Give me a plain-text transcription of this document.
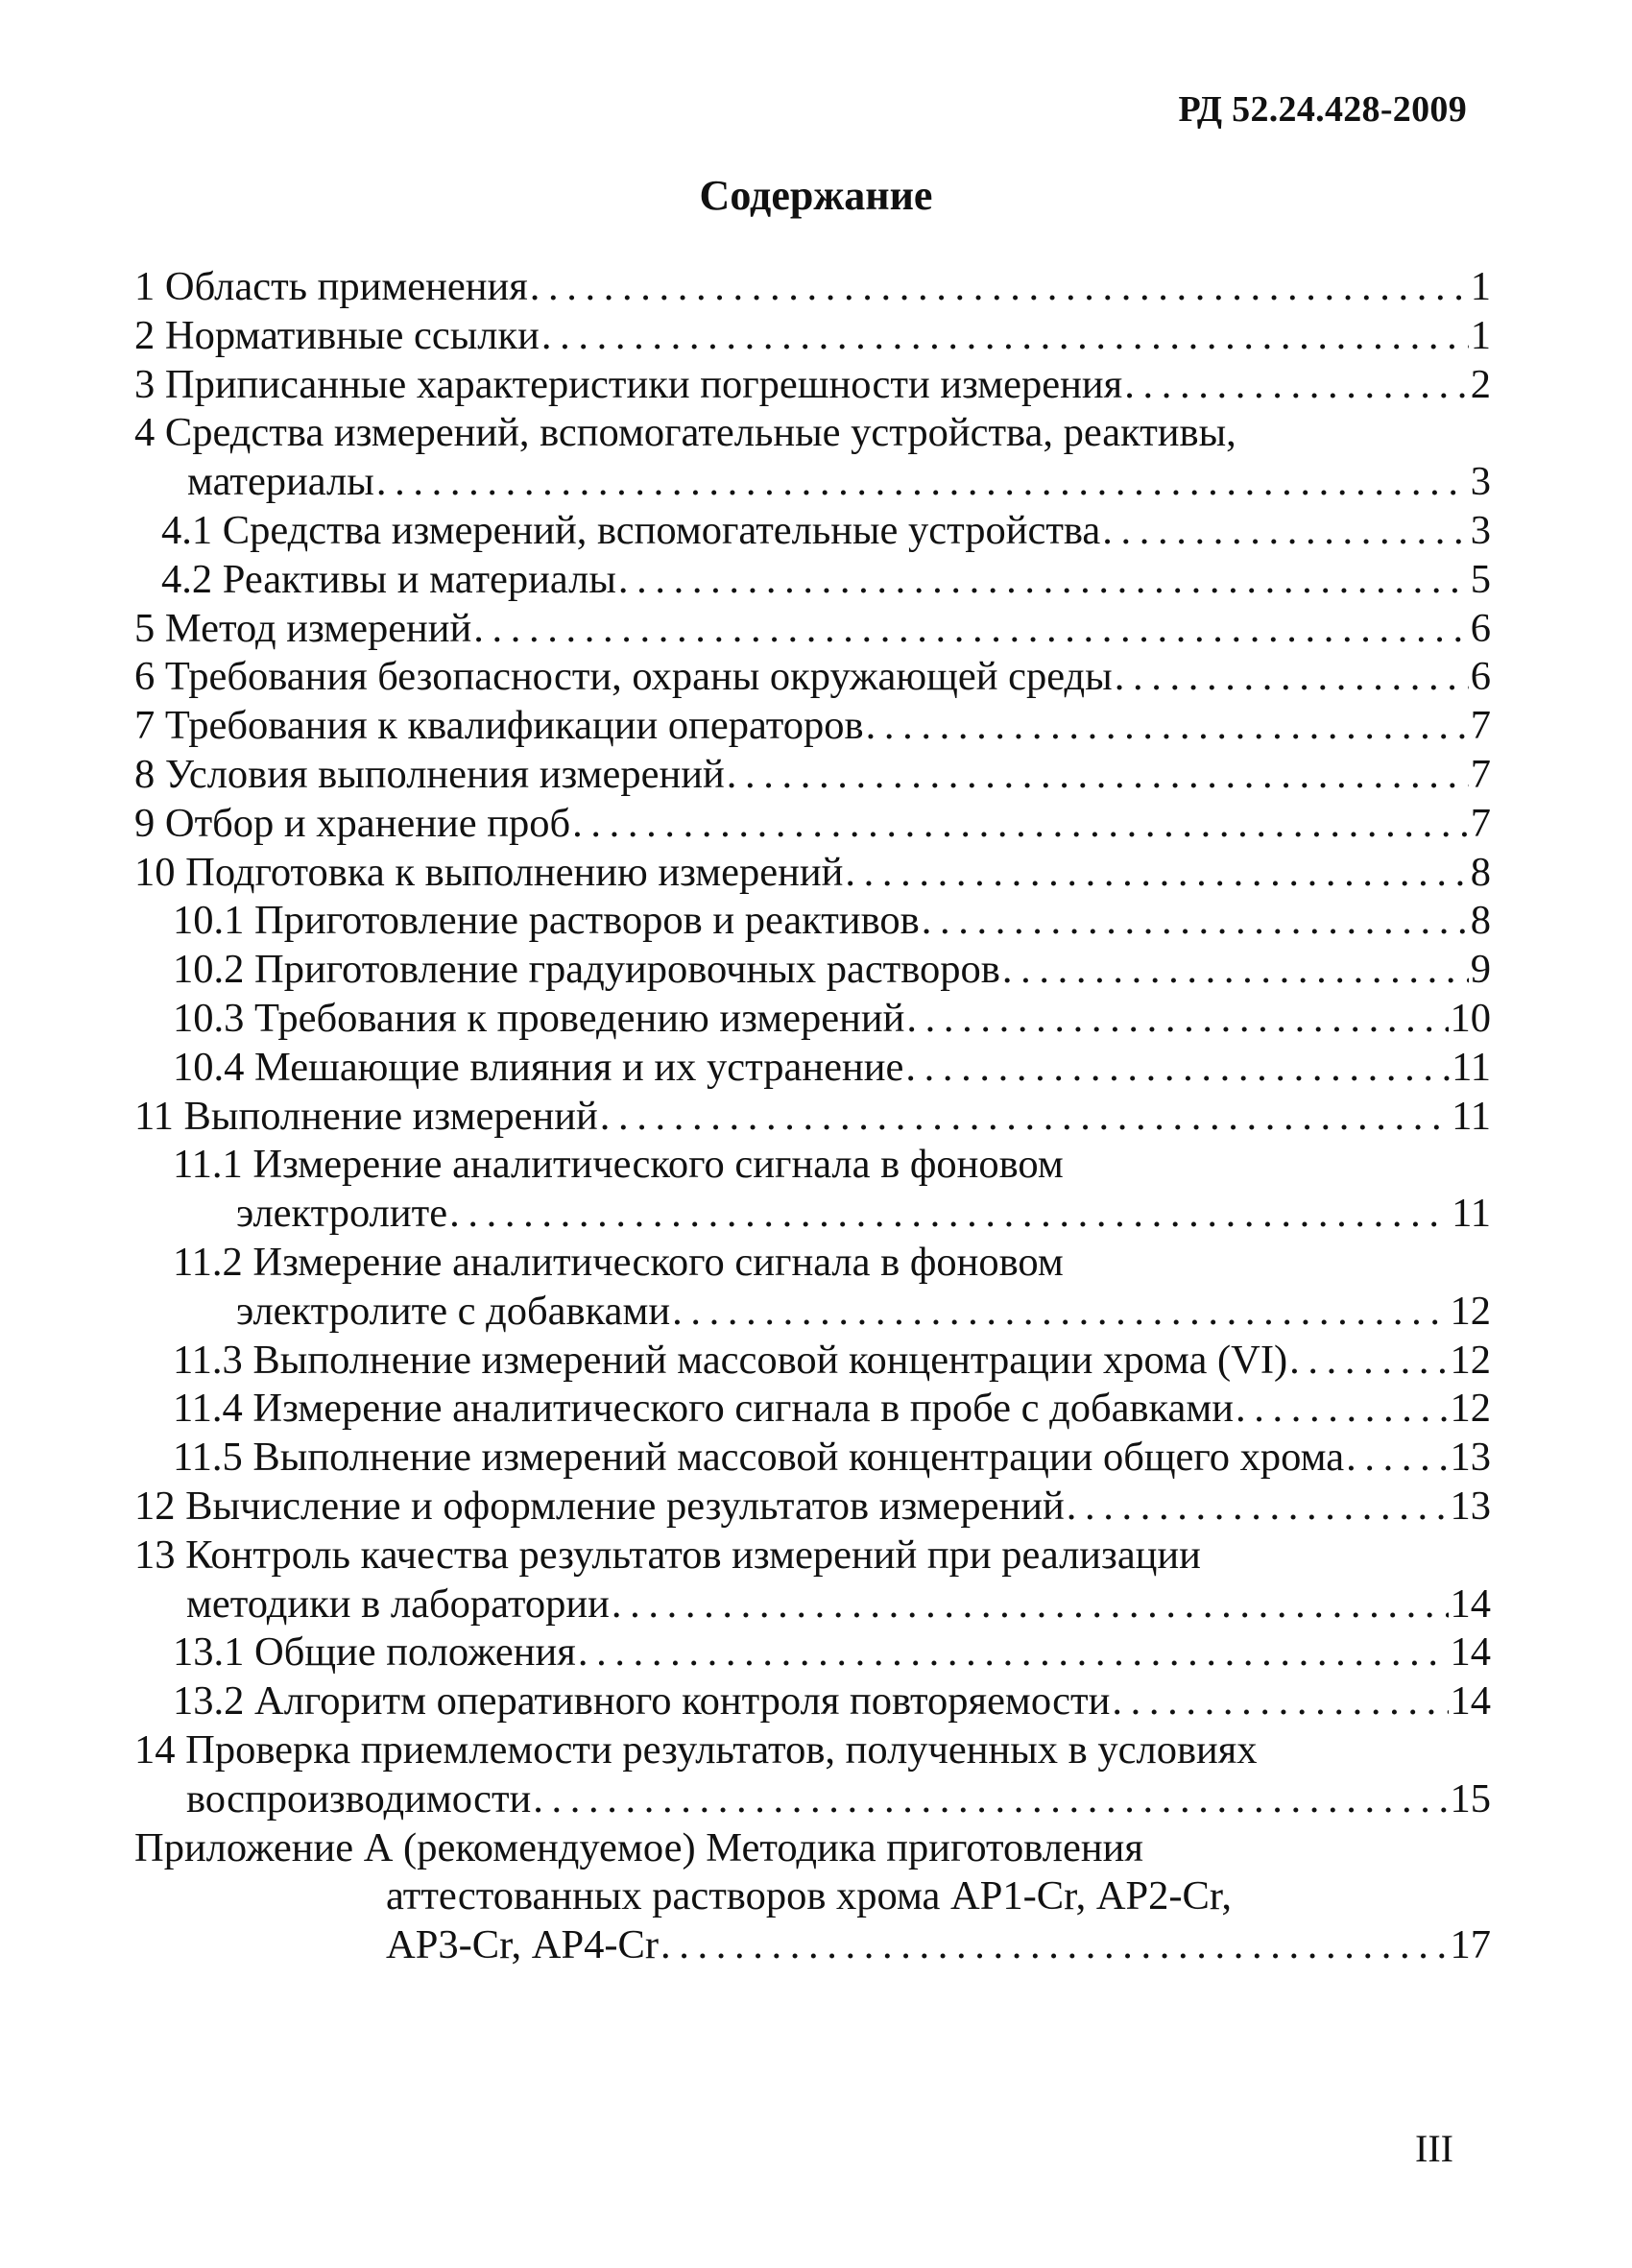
РД 52.24.428-2009
Содержание
1 Область применения . . .	1
2 Нормативные ссылки . . .	1
3 Приписанные характеристики погрешности измерения . . .	2
4 Средства измерений, вспомогательные устройства, реактивы,
материалы . . .	3
4.1 Средства измерений, вспомогательные устройства . . .	3
4.2 Реактивы и материалы . . .	5
5 Метод измерений . . .	6
6 Требования безопасности, охраны окружающей среды . . .	6
7 Требования к квалификации операторов . . .	7
8 Условия выполнения измерений . . .	7
9 Отбор и хранение проб . . .	7
10 Подготовка к выполнению измерений . . .	8
10.1 Приготовление растворов и реактивов . . .	8
10.2 Приготовление градуировочных растворов . . .	9
10.3 Требования к проведению измерений . . .	10
10.4 Мешающие влияния и их устранение . . .	11
11 Выполнение измерений . . .	11
11.1 Измерение аналитического сигнала в фоновом
электролите . . .	11
11.2 Измерение аналитического сигнала в фоновом
электролите с добавками . . .	12
11.3 Выполнение измерений массовой концентрации хрома (VI) . . .	12
11.4 Измерение аналитического сигнала в пробе с добавками . . .	12
11.5 Выполнение измерений массовой концентрации общего хрома . . .	13
12 Вычисление и оформление результатов измерений . . .	13
13 Контроль качества результатов измерений при реализации
методики в лаборатории . . .	14
13.1 Общие положения . . .	14
13.2 Алгоритм оперативного контроля повторяемости . . .	14
14 Проверка приемлемости результатов, полученных в условиях
воспроизводимости . . .	15
Приложение А (рекомендуемое) Методика приготовления
аттестованных растворов хрома АР1-Cr, АР2-Cr,
АР3-Cr, АР4-Cr . . .	17
III
